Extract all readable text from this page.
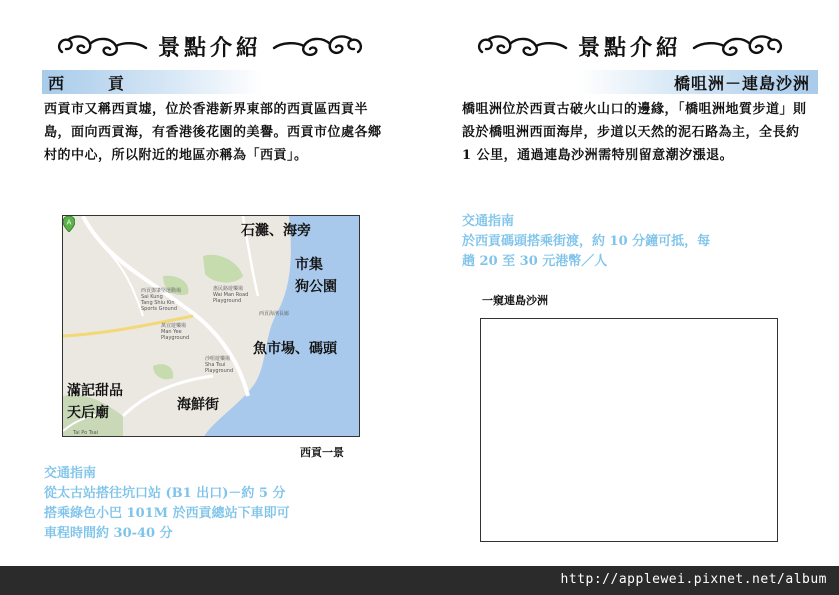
景點介紹
西貢
西貢市又稱西貢墟，位於香港新界東部的西貢區西貢半島，面向西貢海，有香港後花園的美譽。西貢市位處各鄉村的中心，所以附近的地區亦稱為「西貢」。
西貢鄧肇堅運動場
Sai Kung
Tang Shiu Kin
Sports Ground
惠民路遊樂場
Wai Man Road
Playground
萬宜遊樂場
Man Yee
Playground
沙咀遊樂場
Sha Tsui
Playground
西貢海濱長廊
Tai Po Tsai
A
石灘、海旁
市集
狗公園
魚市場、碼頭
滿記甜品
天后廟	海鮮街
西貢一景
交通指南
從太古站搭往坑口站 (B1 出口)－約 5 分
搭乘綠色小巴 101M 於西貢總站下車即可
車程時間約 30-40 分
景點介紹
橋咀洲－連島沙洲
橋咀洲位於西貢古破火山口的邊緣，「橋咀洲地質步道」則設於橋咀洲西面海岸，步道以天然的泥石路為主，全長約 1 公里，通過連島沙洲需特別留意潮汐漲退。
交通指南
於西貢碼頭搭乘街渡，約 10 分鐘可抵，每
趟 20 至 30 元港幣／人
一窺連島沙洲
http://applewei.pixnet.net/album
